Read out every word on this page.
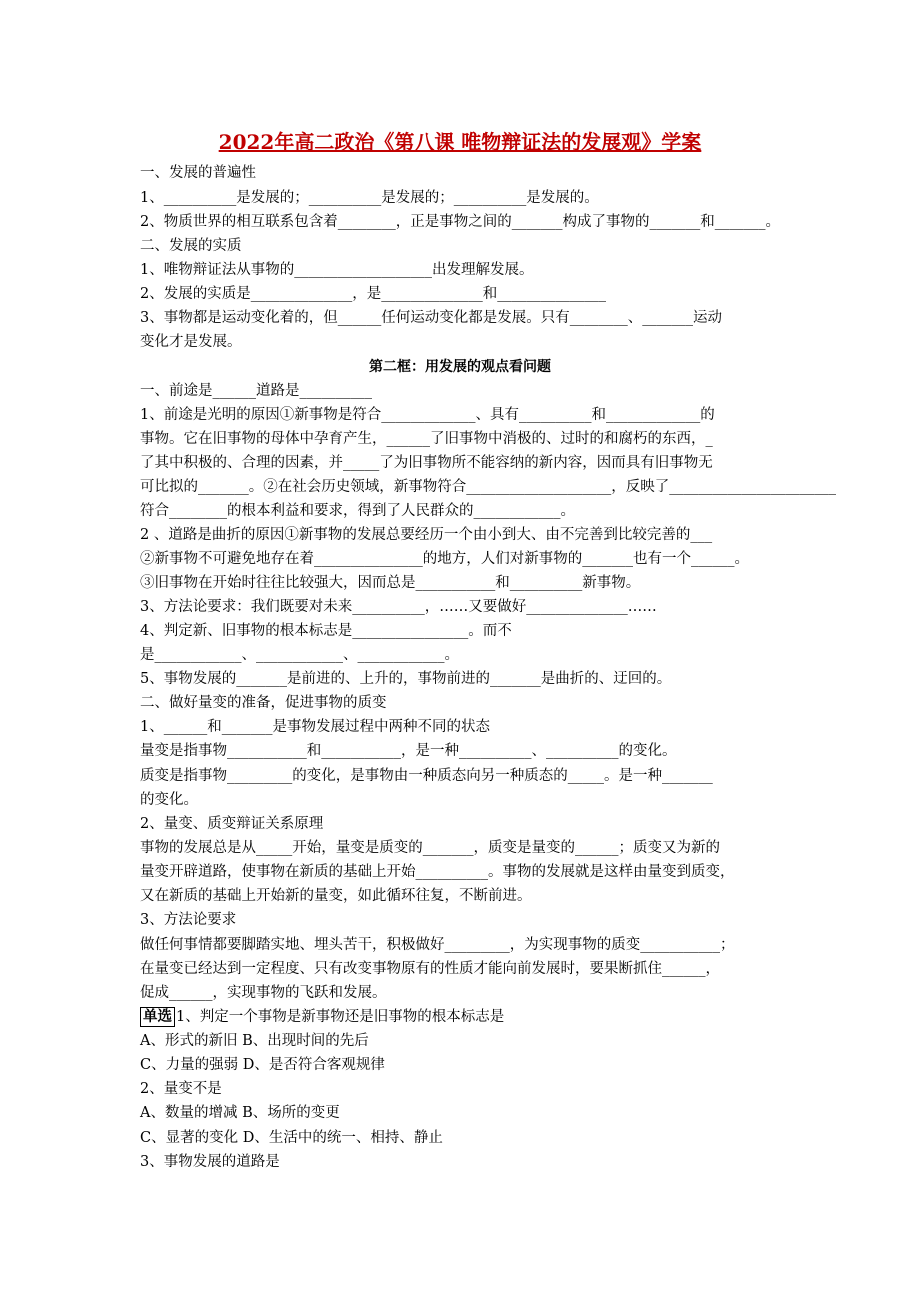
2022年高二政治《第八课 唯物辩证法的发展观》学案
一、发展的普遍性
1、__________是发展的；__________是发展的；__________是发展的。
2、物质世界的相互联系包含着________，正是事物之间的_______构成了事物的_______和_______。
二、发展的实质
1、唯物辩证法从事物的___________________出发理解发展。
2、发展的实质是______________，是______________和_______________
3、事物都是运动变化着的，但______任何运动变化都是发展。只有________、_______运动
变化才是发展。
第二框：用发展的观点看问题
一、前途是______道路是__________
1、前途是光明的原因①新事物是符合_____________、具有__________和_____________的
事物。它在旧事物的母体中孕育产生，______了旧事物中消极的、过时的和腐朽的东西，_
了其中积极的、合理的因素，并_____了为旧事物所不能容纳的新内容，因而具有旧事物无
可比拟的_______。②在社会历史领域，新事物符合____________________，反映了_______________________
符合________的根本利益和要求，得到了人民群众的____________。
2 、道路是曲折的原因①新事物的发展总要经历一个由小到大、由不完善到比较完善的___
②新事物不可避免地存在着_______________的地方，人们对新事物的_______也有一个______。
③旧事物在开始时往往比较强大，因而总是___________和__________新事物。
3、方法论要求：我们既要对未来__________，……又要做好______________……
4、判定新、旧事物的根本标志是________________。而不
是____________、____________、____________。
5、事物发展的_______是前进的、上升的，事物前进的_______是曲折的、迂回的。
二、做好量变的准备，促进事物的质变
1、______和_______是事物发展过程中两种不同的状态
量变是指事物___________和___________，是一种__________、__________的变化。
质变是指事物_________的变化，是事物由一种质态向另一种质态的_____。是一种_______
的变化。
2、量变、质变辩证关系原理
事物的发展总是从_____开始，量变是质变的_______，质变是量变的______；质变又为新的
量变开辟道路，使事物在新质的基础上开始__________。事物的发展就是这样由量变到质变，
又在新质的基础上开始新的量变，如此循环往复，不断前进。
3、方法论要求
做任何事情都要脚踏实地、埋头苦干，积极做好_________，为实现事物的质变___________；
在量变已经达到一定程度、只有改变事物原有的性质才能向前发展时，要果断抓住______，
促成______，实现事物的飞跃和发展。
单选 1、判定一个事物是新事物还是旧事物的根本标志是
A、形式的新旧 B、出现时间的先后
C、力量的强弱 D、是否符合客观规律
2、量变不是
A、数量的增减 B、场所的变更
C、显著的变化 D、生活中的统一、相持、静止
3、事物发展的道路是
